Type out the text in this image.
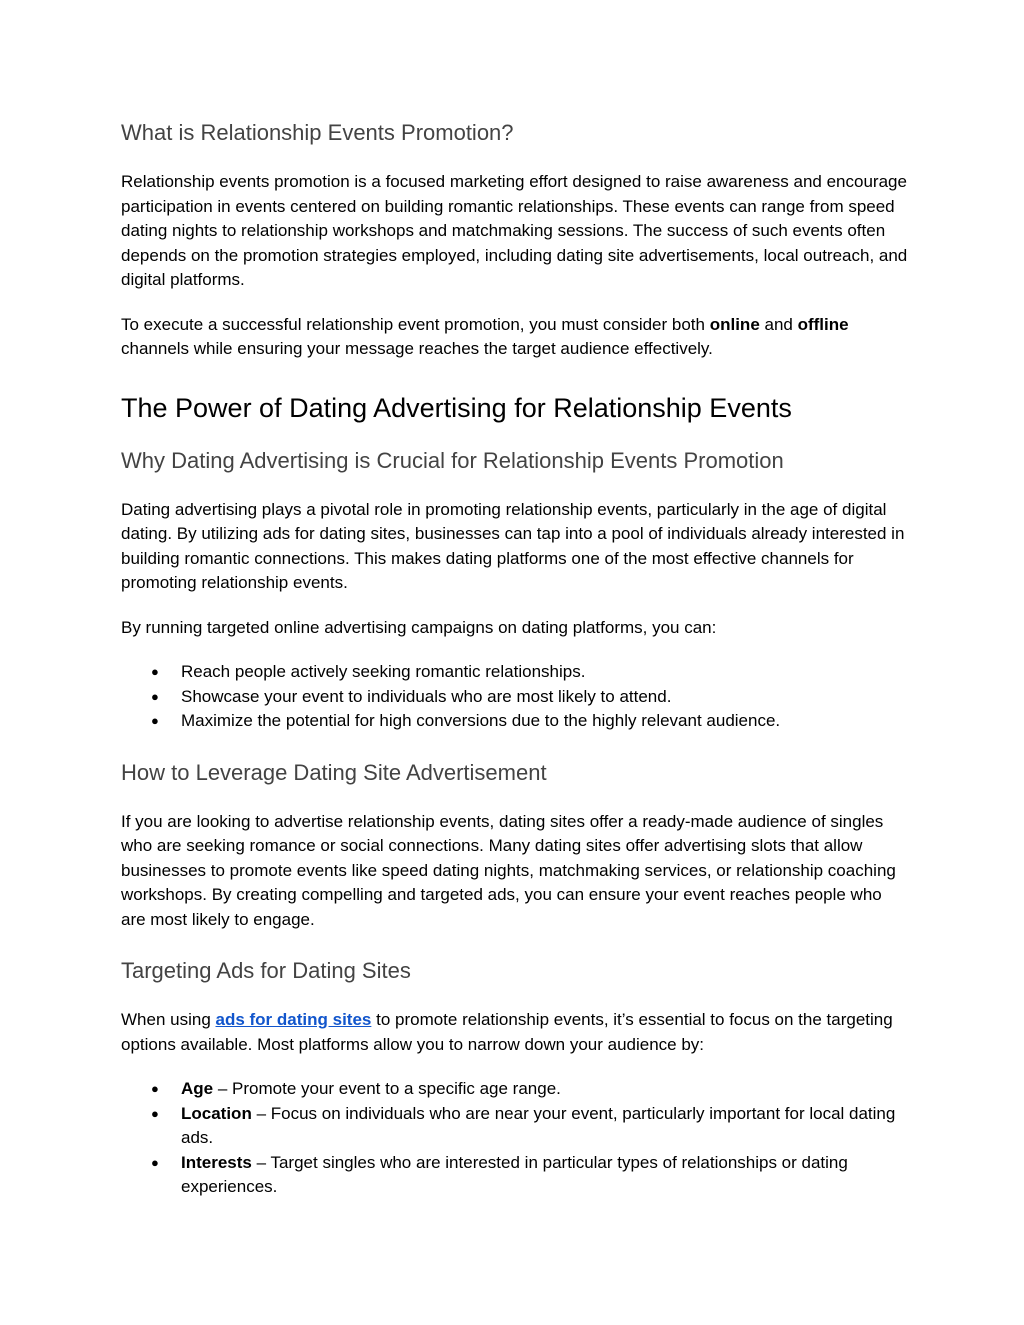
What is Relationship Events Promotion?

Relationship events promotion is a focused marketing effort designed to raise awareness and encourage participation in events centered on building romantic relationships. These events can range from speed dating nights to relationship workshops and matchmaking sessions. The success of such events often depends on the promotion strategies employed, including dating site advertisements, local outreach, and digital platforms.

To execute a successful relationship event promotion, you must consider both online and offline channels while ensuring your message reaches the target audience effectively.

The Power of Dating Advertising for Relationship Events
Why Dating Advertising is Crucial for Relationship Events Promotion

Dating advertising plays a pivotal role in promoting relationship events, particularly in the age of digital dating. By utilizing ads for dating sites, businesses can tap into a pool of individuals already interested in building romantic connections. This makes dating platforms one of the most effective channels for promoting relationship events.

By running targeted online advertising campaigns on dating platforms, you can:

● Reach people actively seeking romantic relationships.
● Showcase your event to individuals who are most likely to attend.
● Maximize the potential for high conversions due to the highly relevant audience.
How to Leverage Dating Site Advertisement

If you are looking to advertise relationship events, dating sites offer a ready-made audience of singles who are seeking romance or social connections. Many dating sites offer advertising slots that allow businesses to promote events like speed dating nights, matchmaking services, or relationship coaching workshops. By creating compelling and targeted ads, you can ensure your event reaches people who are most likely to engage.

Targeting Ads for Dating Sites

When using ads for dating sites to promote relationship events, it’s essential to focus on the targeting options available. Most platforms allow you to narrow down your audience by:

● Age – Promote your event to a specific age range.
● Location – Focus on individuals who are near your event, particularly important for local dating ads.
● Interests – Target singles who are interested in particular types of relationships or dating experiences.
